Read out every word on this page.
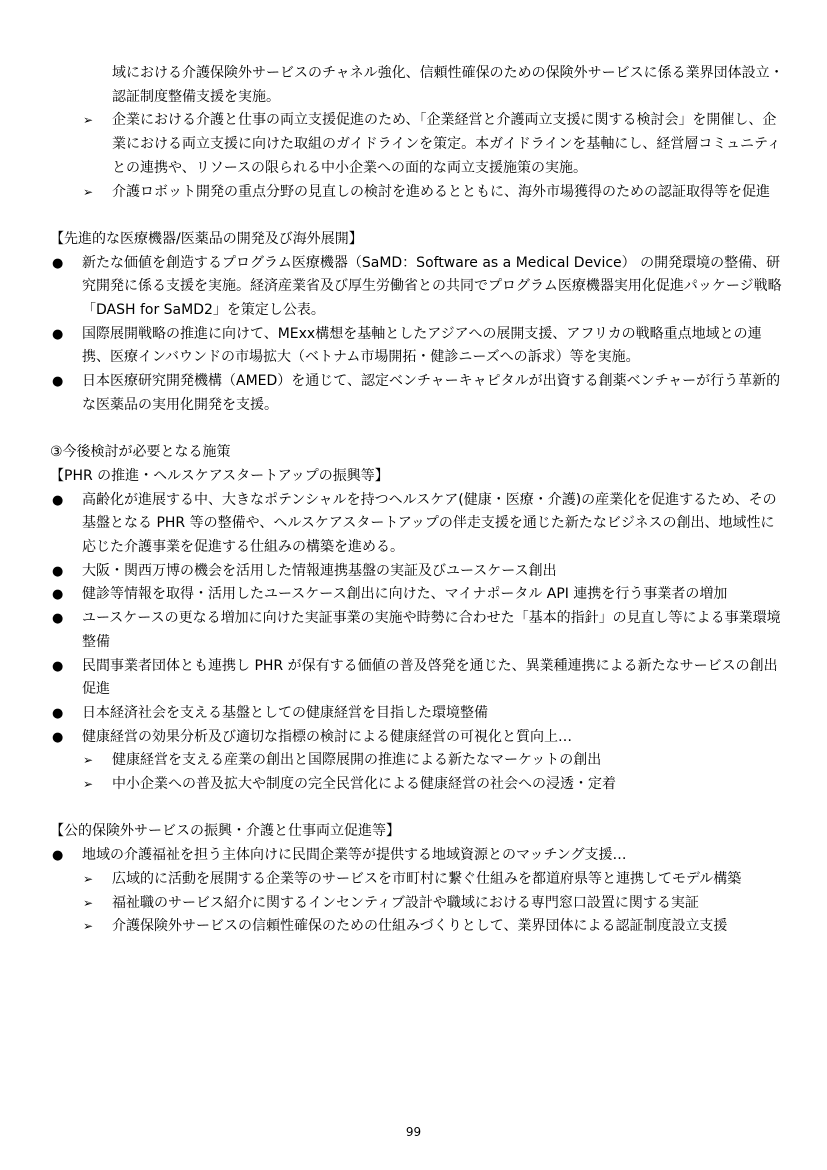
域における介護保険外サービスのチャネル強化、信頼性確保のための保険外サービスに係る業界団体設立・認証制度整備支援を実施。

➢ 企業における介護と仕事の両立支援促進のため、「企業経営と介護両立支援に関する検討会」を開催し、企業における両立支援に向けた取組のガイドラインを策定。本ガイドラインを基軸にし、経営層コミュニティとの連携や、リソースの限られる中小企業への面的な両立支援施策の実施。
➢ 介護ロボット開発の重点分野の見直しの検討を進めるとともに、海外市場獲得のための認証取得等を促進

【先進的な医療機器/医薬品の開発及び海外展開】

● 新たな価値を創造するプログラム医療機器（SaMD：Software as a Medical Device） の開発環境の整備、研究開発に係る支援を実施。経済産業省及び厚生労働省との共同でプログラム医療機器実用化促進パッケージ戦略「DASH for SaMD2」を策定し公表。
● 国際展開戦略の推進に向けて、MExx構想を基軸としたアジアへの展開支援、アフリカの戦略重点地域との連携、医療インバウンドの市場拡大（ベトナム市場開拓・健診ニーズへの訴求）等を実施。
● 日本医療研究開発機構（AMED）を通じて、認定ベンチャーキャピタルが出資する創薬ベンチャーが行う革新的な医薬品の実用化開発を支援。

③今後検討が必要となる施策

【PHR の推進・ヘルスケアスタートアップの振興等】

● 高齢化が進展する中、大きなポテンシャルを持つヘルスケア(健康・医療・介護)の産業化を促進するため、その基盤となる PHR 等の整備や、ヘルスケアスタートアップの伴走支援を通じた新たなビジネスの創出、地域性に応じた介護事業を促進する仕組みの構築を進める。
● 大阪・関西万博の機会を活用した情報連携基盤の実証及びユースケース創出
● 健診等情報を取得・活用したユースケース創出に向けた、マイナポータル API 連携を行う事業者の増加
● ユースケースの更なる増加に向けた実証事業の実施や時勢に合わせた「基本的指針」の見直し等による事業環境整備
● 民間事業者団体とも連携し PHR が保有する価値の普及啓発を通じた、異業種連携による新たなサービスの創出促進
● 日本経済社会を支える基盤としての健康経営を目指した環境整備
● 健康経営の効果分析及び適切な指標の検討による健康経営の可視化と質向上…
➢ 健康経営を支える産業の創出と国際展開の推進による新たなマーケットの創出
➢ 中小企業への普及拡大や制度の完全民営化による健康経営の社会への浸透・定着

【公的保険外サービスの振興・介護と仕事両立促進等】

● 地域の介護福祉を担う主体向けに民間企業等が提供する地域資源とのマッチング支援…
➢ 広域的に活動を展開する企業等のサービスを市町村に繋ぐ仕組みを都道府県等と連携してモデル構築
➢ 福祉職のサービス紹介に関するインセンティブ設計や職域における専門窓口設置に関する実証
➢ 介護保険外サービスの信頼性確保のための仕組みづくりとして、業界団体による認証制度設立支援
99
